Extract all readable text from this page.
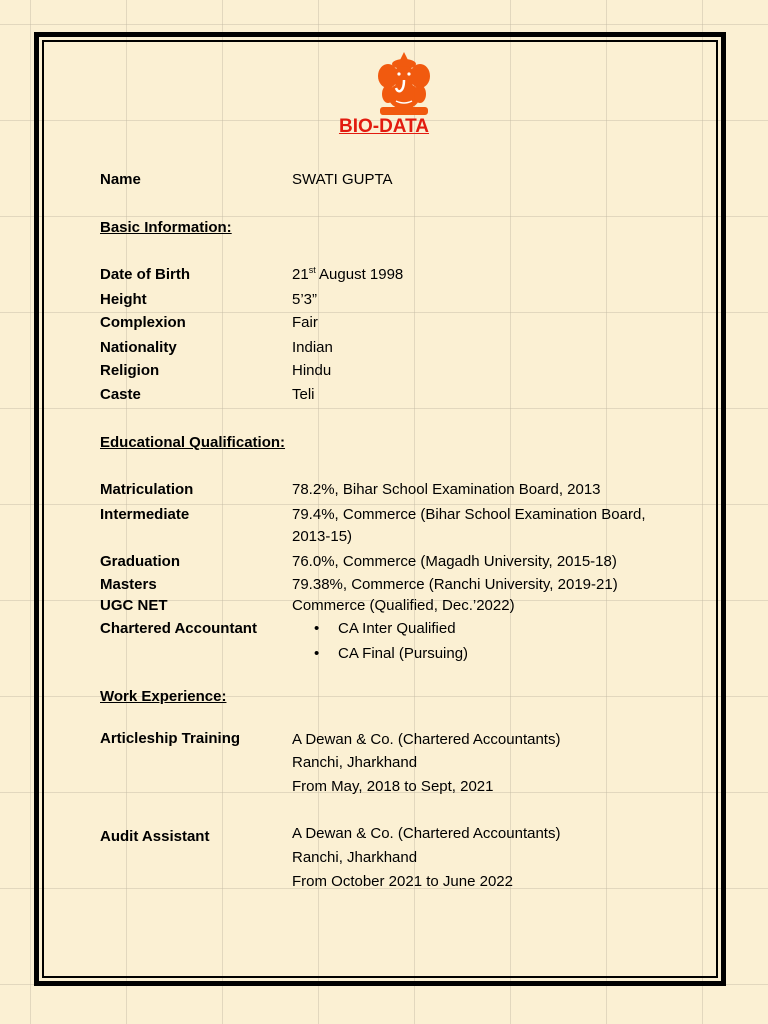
BIO-DATA
Name	SWATI GUPTA
Basic Information:
Date of Birth	21st August 1998
Height	5’3”
Complexion	Fair
Nationality	Indian
Religion	Hindu
Caste	Teli
Educational Qualification:
Matriculation	78.2%, Bihar School Examination Board, 2013
Intermediate	79.4%, Commerce (Bihar School Examination Board,
2013-15)
Graduation	76.0%, Commerce (Magadh University, 2015-18)
Masters	79.38%, Commerce (Ranchi University, 2019-21)
UGC NET	Commerce (Qualified, Dec.’2022)
Chartered Accountant	• CA Inter Qualified
• CA Final (Pursuing)
Work Experience:
Articleship Training	A Dewan & Co. (Chartered Accountants)
Ranchi, Jharkhand
From May, 2018 to Sept, 2021
Audit Assistant	A Dewan & Co. (Chartered Accountants)
Ranchi, Jharkhand
From October 2021 to June 2022
